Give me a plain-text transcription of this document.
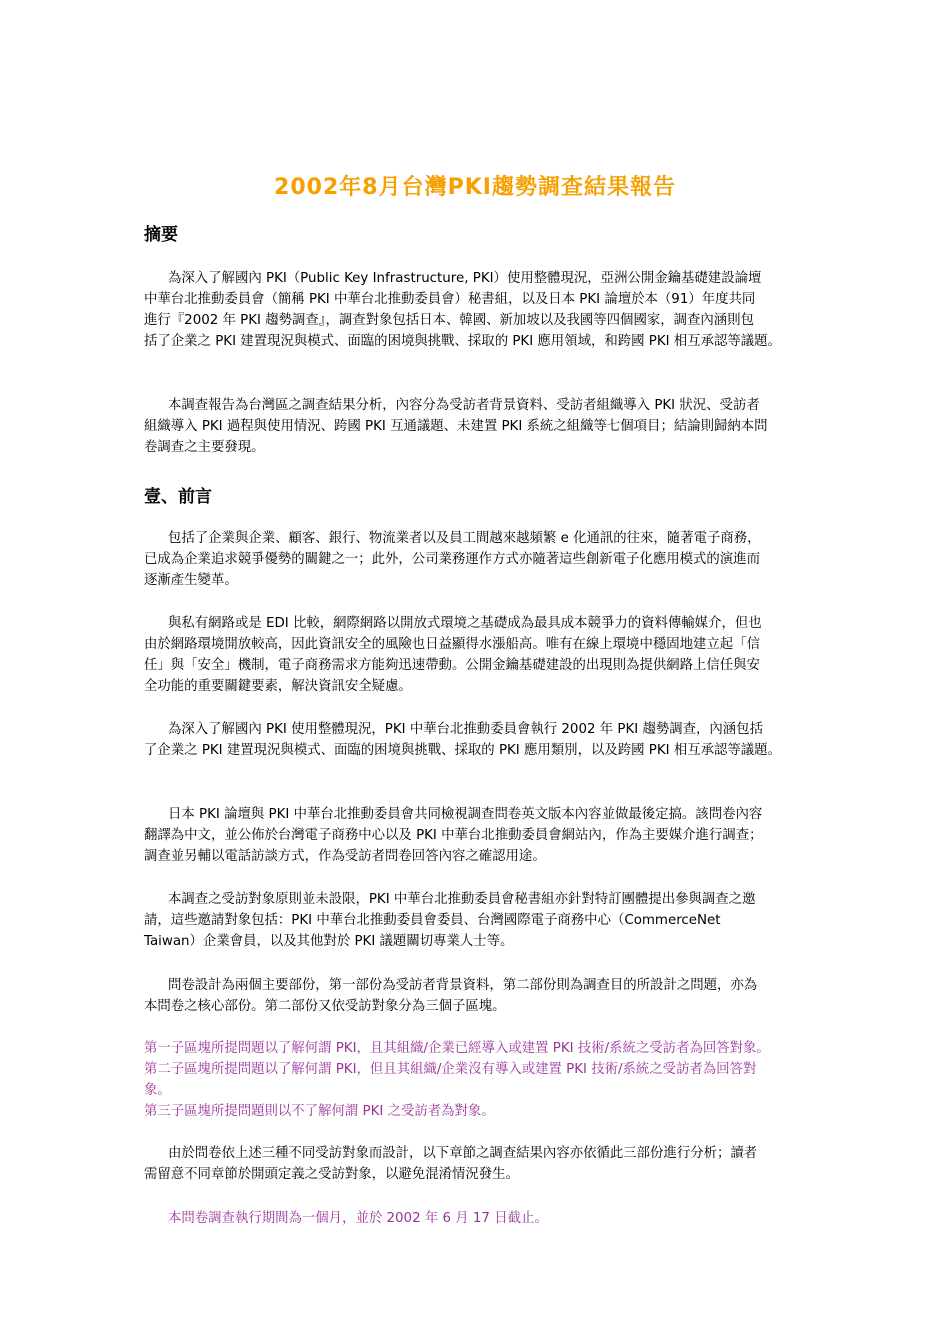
2002年8月台灣PKI趨勢調查結果報告
摘要
為深入了解國內 PKI（Public Key Infrastructure, PKI）使用整體現況，亞洲公開金鑰基礎建設論壇
中華台北推動委員會（簡稱 PKI 中華台北推動委員會）秘書組，以及日本 PKI 論壇於本（91）年度共同
進行『2002 年 PKI 趨勢調查』，調查對象包括日本、韓國、新加坡以及我國等四個國家，調查內涵則包
括了企業之 PKI 建置現況與模式、面臨的困境與挑戰、採取的 PKI 應用領域，和跨國 PKI 相互承認等議題。
本調查報告為台灣區之調查結果分析，內容分為受訪者背景資料、受訪者組織導入 PKI 狀況、受訪者
組織導入 PKI 過程與使用情況、跨國 PKI 互通議題、未建置 PKI 系統之組織等七個項目；結論則歸納本問
卷調查之主要發現。
壹、前言
包括了企業與企業、顧客、銀行、物流業者以及員工間越來越頻繁 e 化通訊的往來，隨著電子商務，
已成為企業追求競爭優勢的關鍵之一；此外，公司業務運作方式亦隨著這些創新電子化應用模式的演進而
逐漸產生變革。
與私有網路或是 EDI 比較，網際網路以開放式環境之基礎成為最具成本競爭力的資料傳輸媒介，但也
由於網路環境開放較高，因此資訊安全的風險也日益顯得水漲船高。唯有在線上環境中穩固地建立起「信
任」與「安全」機制，電子商務需求方能夠迅速帶動。公開金鑰基礎建設的出現則為提供網路上信任與安
全功能的重要關鍵要素，解決資訊安全疑慮。
為深入了解國內 PKI 使用整體現況，PKI 中華台北推動委員會執行 2002 年 PKI 趨勢調查，內涵包括
了企業之 PKI 建置現況與模式、面臨的困境與挑戰、採取的 PKI 應用類別，以及跨國 PKI 相互承認等議題。
日本 PKI 論壇與 PKI 中華台北推動委員會共同檢視調查問卷英文版本內容並做最後定搞。該問卷內容
翻譯為中文，並公佈於台灣電子商務中心以及 PKI 中華台北推動委員會網站內，作為主要媒介進行調查；
調查並另輔以電話訪談方式，作為受訪者問卷回答內容之確認用途。
本調查之受訪對象原則並未設限，PKI 中華台北推動委員會秘書組亦針對特訂團體提出參與調查之邀
請，這些邀請對象包括：PKI 中華台北推動委員會委員、台灣國際電子商務中心（CommerceNet
Taiwan）企業會員，以及其他對於 PKI 議題關切專業人士等。
問卷設計為兩個主要部份，第一部份為受訪者背景資料，第二部份則為調查目的所設計之問題，亦為
本問卷之核心部份。第二部份又依受訪對象分為三個子區塊。
第一子區塊所提問題以了解何謂 PKI，且其組織/企業已經導入或建置 PKI 技術/系統之受訪者為回答對象。
第二子區塊所提問題以了解何謂 PKI，但且其組織/企業沒有導入或建置 PKI 技術/系統之受訪者為回答對
象。
第三子區塊所提問題則以不了解何謂 PKI 之受訪者為對象。
由於問卷依上述三種不同受訪對象而設計，以下章節之調查結果內容亦依循此三部份進行分析；讀者
需留意不同章節於開頭定義之受訪對象，以避免混淆情況發生。
本問卷調查執行期間為一個月，並於 2002 年 6 月 17 日截止。
